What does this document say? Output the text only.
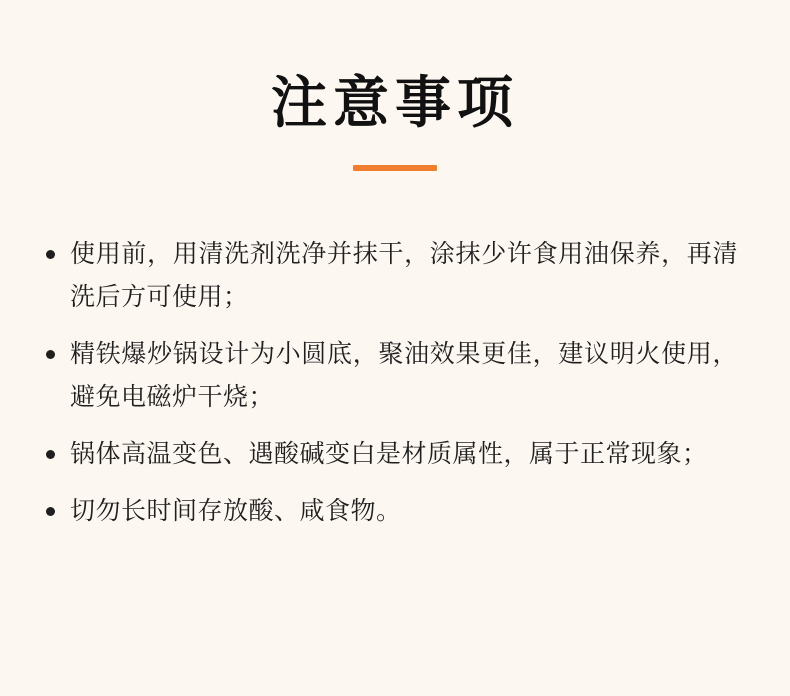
注意事项
使用前，用清洗剂洗净并抹干，涂抹少许食用油保养，再清洗后方可使用；
精铁爆炒锅设计为小圆底，聚油效果更佳，建议明火使用，避免电磁炉干烧；
锅体高温变色、遇酸碱变白是材质属性，属于正常现象；
切勿长时间存放酸、咸食物。
